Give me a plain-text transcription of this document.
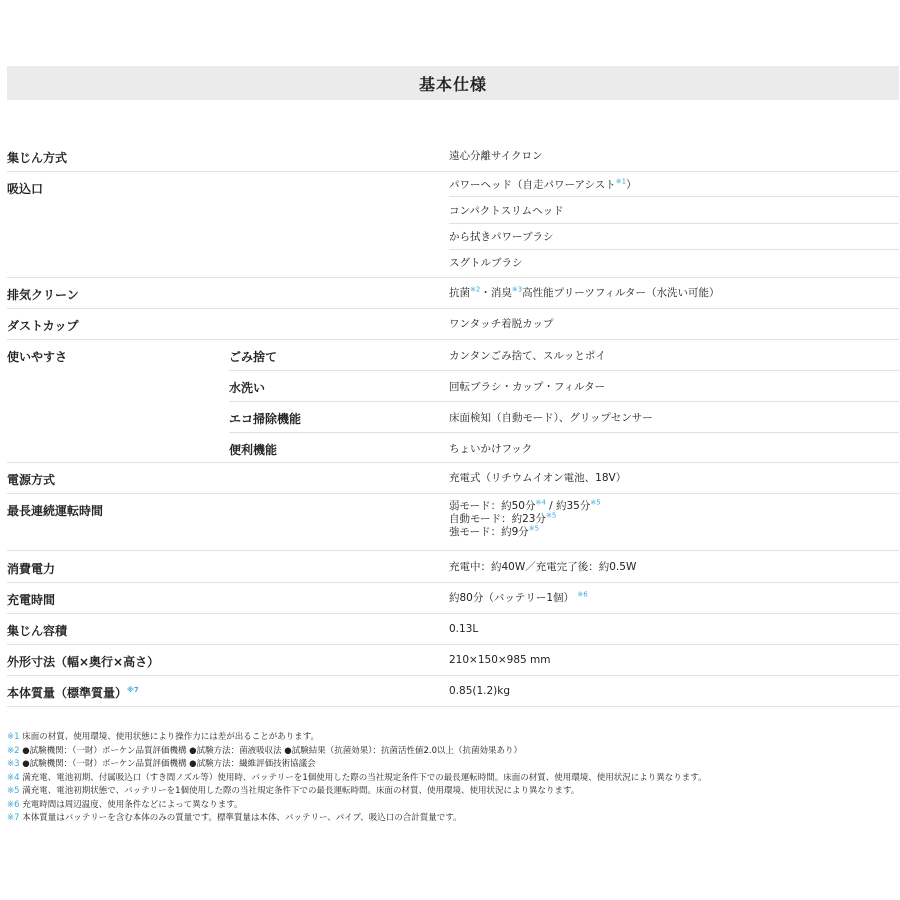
基本仕様
集じん方式	遠心分離サイクロン
吸込口	パワーヘッド（自走パワーアシスト$^{※1}$）
コンパクトスリムヘッド
から拭きパワーブラシ
スグトルブラシ
排気クリーン	抗菌$^{※2}$・消臭$^{※3}$高性能プリーツフィルター（水洗い可能）
ダストカップ	ワンタッチ着脱カップ
使いやすさ	ごみ捨て	カンタンごみ捨て、スルッとポイ
水洗い	回転ブラシ・カップ・フィルター
エコ掃除機能	床面検知（自動モード）、グリップセンサー
便利機能	ちょいかけフック
電源方式	充電式（リチウムイオン電池、18V）
最長連続運転時間	弱モード：約50分$^{※4}$ / 約35分$^{※5}$
自動モード：約23分$^{※5}$
強モード：約9分$^{※5}$
消費電力	充電中：約40W／充電完了後：約0.5W
充電時間	約80分（バッテリー1個） $^{※6}$
集じん容積	0.13L
外形寸法（幅×奥行×高さ）	210×150×985 mm
本体質量（標準質量）$^{※7}$	0.85(1.2)kg
※1 床面の材質、使用環境、使用状態により操作力には差が出ることがあります。
※2 ●試験機関：（一財）ボーケン品質評価機構 ●試験方法：菌液吸収法 ●試験結果（抗菌効果）：抗菌活性値2.0以上（抗菌効果あり）
※3 ●試験機関：（一財）ボーケン品質評価機構 ●試験方法：繊維評価技術協議会
※4 満充電、電池初期、付属吸込口（すき間ノズル等）使用時、バッテリーを1個使用した際の当社規定条件下での最長運転時間。床面の材質、使用環境、使用状況により異なります。
※5 満充電、電池初期状態で、バッテリーを1個使用した際の当社規定条件下での最長運転時間。床面の材質、使用環境、使用状況により異なります。
※6 充電時間は周辺温度、使用条件などによって異なります。
※7 本体質量はバッテリーを含む本体のみの質量です。標準質量は本体、バッテリー、パイプ、吸込口の合計質量です。
